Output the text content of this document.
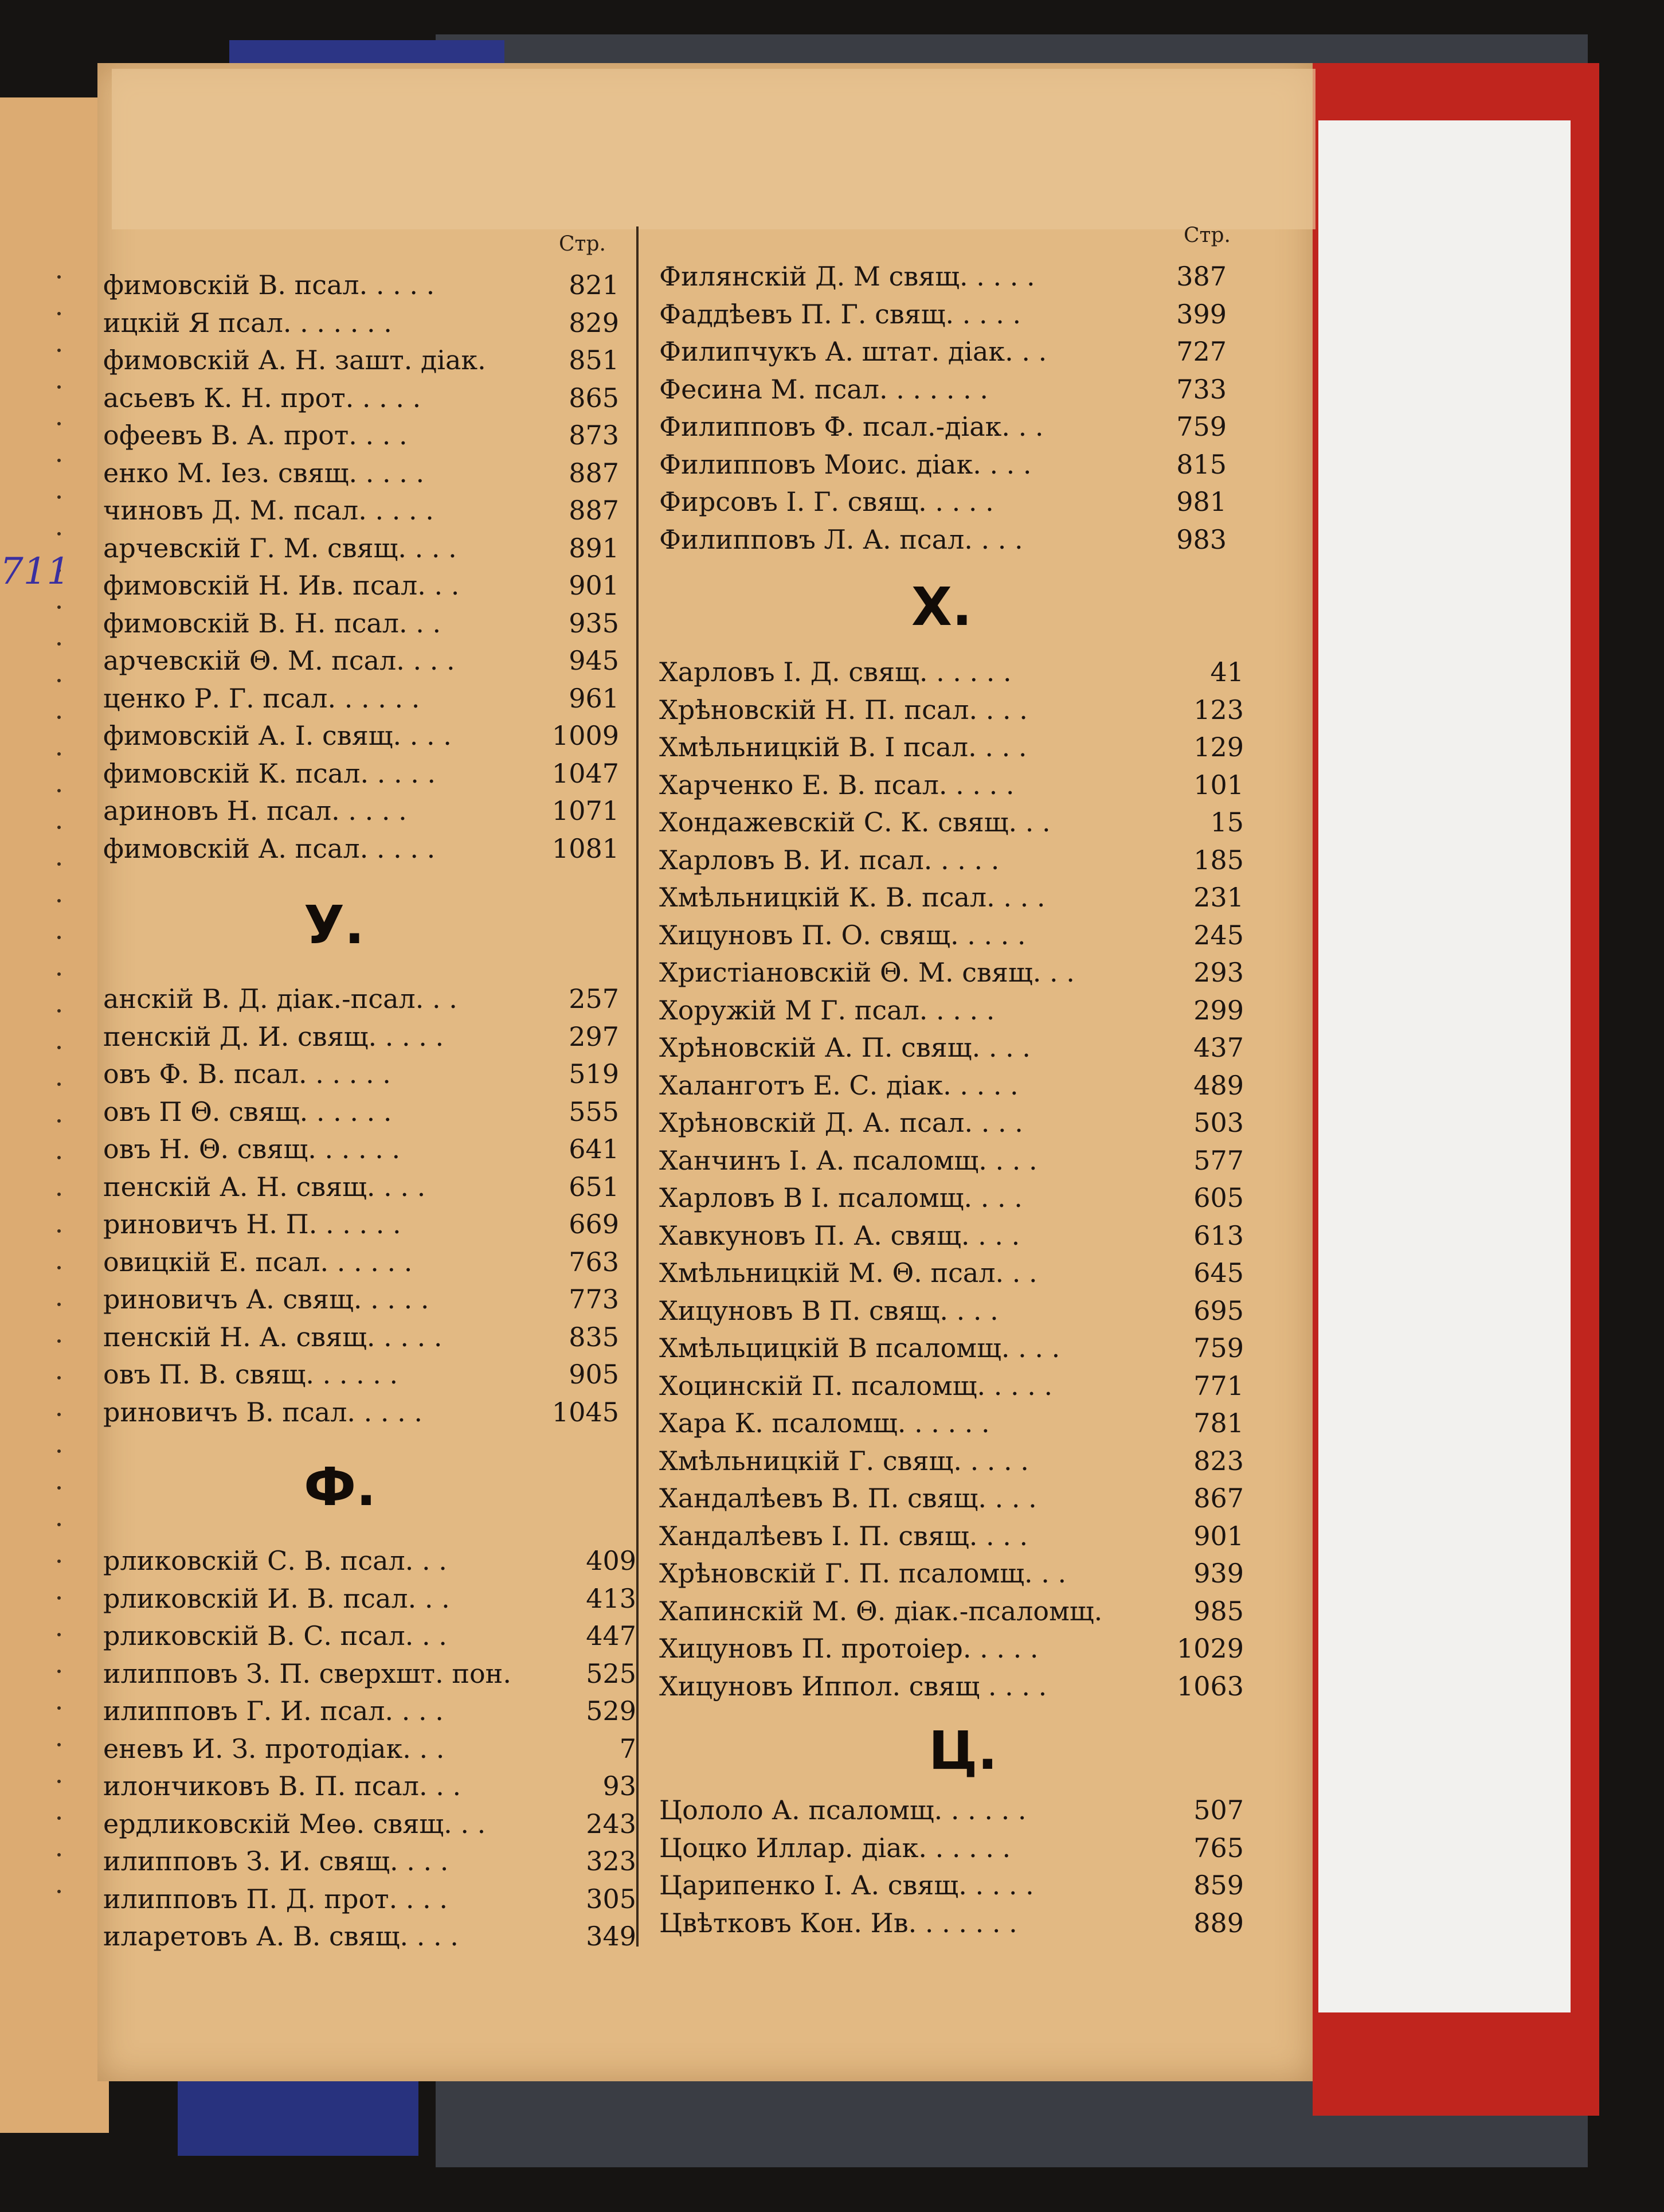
711
Стр.	Стр.
фимовскій В. псал. . . . .	821
ицкій Я псал. . . . . . .	829
фимовскій А. Н. зашт. діак.	851
асьевъ К. Н. прот. . . . .	865
офеевъ В. А. прот. . . .	873
енко М. Іез. свящ. . . . .	887
чиновъ Д. М. псал. . . . .	887
арчевскій Г. М. свящ. . . .	891
фимовскій Н. Ив. псал. . .	901
фимовскій В. Н. псал. . .	935
арчевскій Θ. М. псал. . . .	945
ценко Р. Г. псал. . . . . .	961
фимовскій А. І. свящ. . . .	1009
фимовскій К. псал. . . . .	1047
ариновъ Н. псал. . . . .	1071
фимовскій А. псал. . . . .	1081
У.
анскій В. Д. діак.-псал. . .	257
пенскій Д. И. свящ. . . . .	297
овъ Ф. В. псал. . . . . .	519
овъ П Θ. свящ. . . . . .	555
овъ Н. Θ. свящ. . . . . .	641
пенскій А. Н. свящ. . . .	651
риновичъ Н. П. . . . . .	669
овицкій Е. псал. . . . . .	763
риновичъ А. свящ. . . . .	773
пенскій Н. А. свящ. . . . .	835
овъ П. В. свящ. . . . . .	905
риновичъ В. псал. . . . .	1045
Ф.
рликовскій С. В. псал. . .	409
рликовскій И. В. псал. . .	413
рликовскій В. С. псал. . .	447
илипповъ З. П. сверхшт. пон.	525
илипповъ Г. И. псал. . . .	529
еневъ И. З. протодіак. . .	7
илончиковъ В. П. псал. . .	93
ердликовскій Меѳ. свящ. . .	243
илипповъ З. И. свящ. . . .	323
илипповъ П. Д. прот. . . .	305
иларетовъ А. В. свящ. . . .	349
Филянскій Д. М свящ. . . . .	387
Фаддѣевъ П. Г. свящ. . . . .	399
Филипчукъ А. штат. діак. . .	727
Фесина М. псал. . . . . . .	733
Филипповъ Ф. псал.-діак. . .	759
Филипповъ Моис. діак. . . .	815
Фирсовъ І. Г. свящ. . . . .	981
Филипповъ Л. А. псал. . . .	983
Х.
Харловъ І. Д. свящ. . . . . .	41
Хрѣновскій Н. П. псал. . . .	123
Хмѣльницкій В. І псал. . . .	129
Харченко Е. В. псал. . . . .	101
Хондажевскій С. К. свящ. . .	15
Харловъ В. И. псал. . . . .	185
Хмѣльницкій К. В. псал. . . .	231
Хицуновъ П. О. свящ. . . . .	245
Христіановскій Θ. М. свящ. . .	293
Хоружій М Г. псал. . . . .	299
Хрѣновскій А. П. свящ. . . .	437
Халанготъ Е. С. діак. . . . .	489
Хрѣновскій Д. А. псал. . . .	503
Ханчинъ І. А. псаломщ. . . .	577
Харловъ В І. псаломщ. . . .	605
Хавкуновъ П. А. свящ. . . .	613
Хмѣльницкій М. Θ. псал. . .	645
Хицуновъ В П. свящ. . . .	695
Хмѣльцицкій В псаломщ. . . .	759
Хоцинскій П. псаломщ. . . . .	771
Хара К. псаломщ. . . . . .	781
Хмѣльницкій Г. свящ. . . . .	823
Хандалѣевъ В. П. свящ. . . .	867
Хандалѣевъ І. П. свящ. . . .	901
Хрѣновскій Г. П. псаломщ. . .	939
Хапинскій М. Θ. діак.-псаломщ.	985
Хицуновъ П. протоіер. . . . .	1029
Хицуновъ Иппол. свящ . . . .	1063
Ц.
Цололо А. псаломщ. . . . . .	507
Цоцко Иллар. діак. . . . . .	765
Царипенко І. А. свящ. . . . .	859
Цвѣтковъ Кон. Ив. . . . . . .	889
